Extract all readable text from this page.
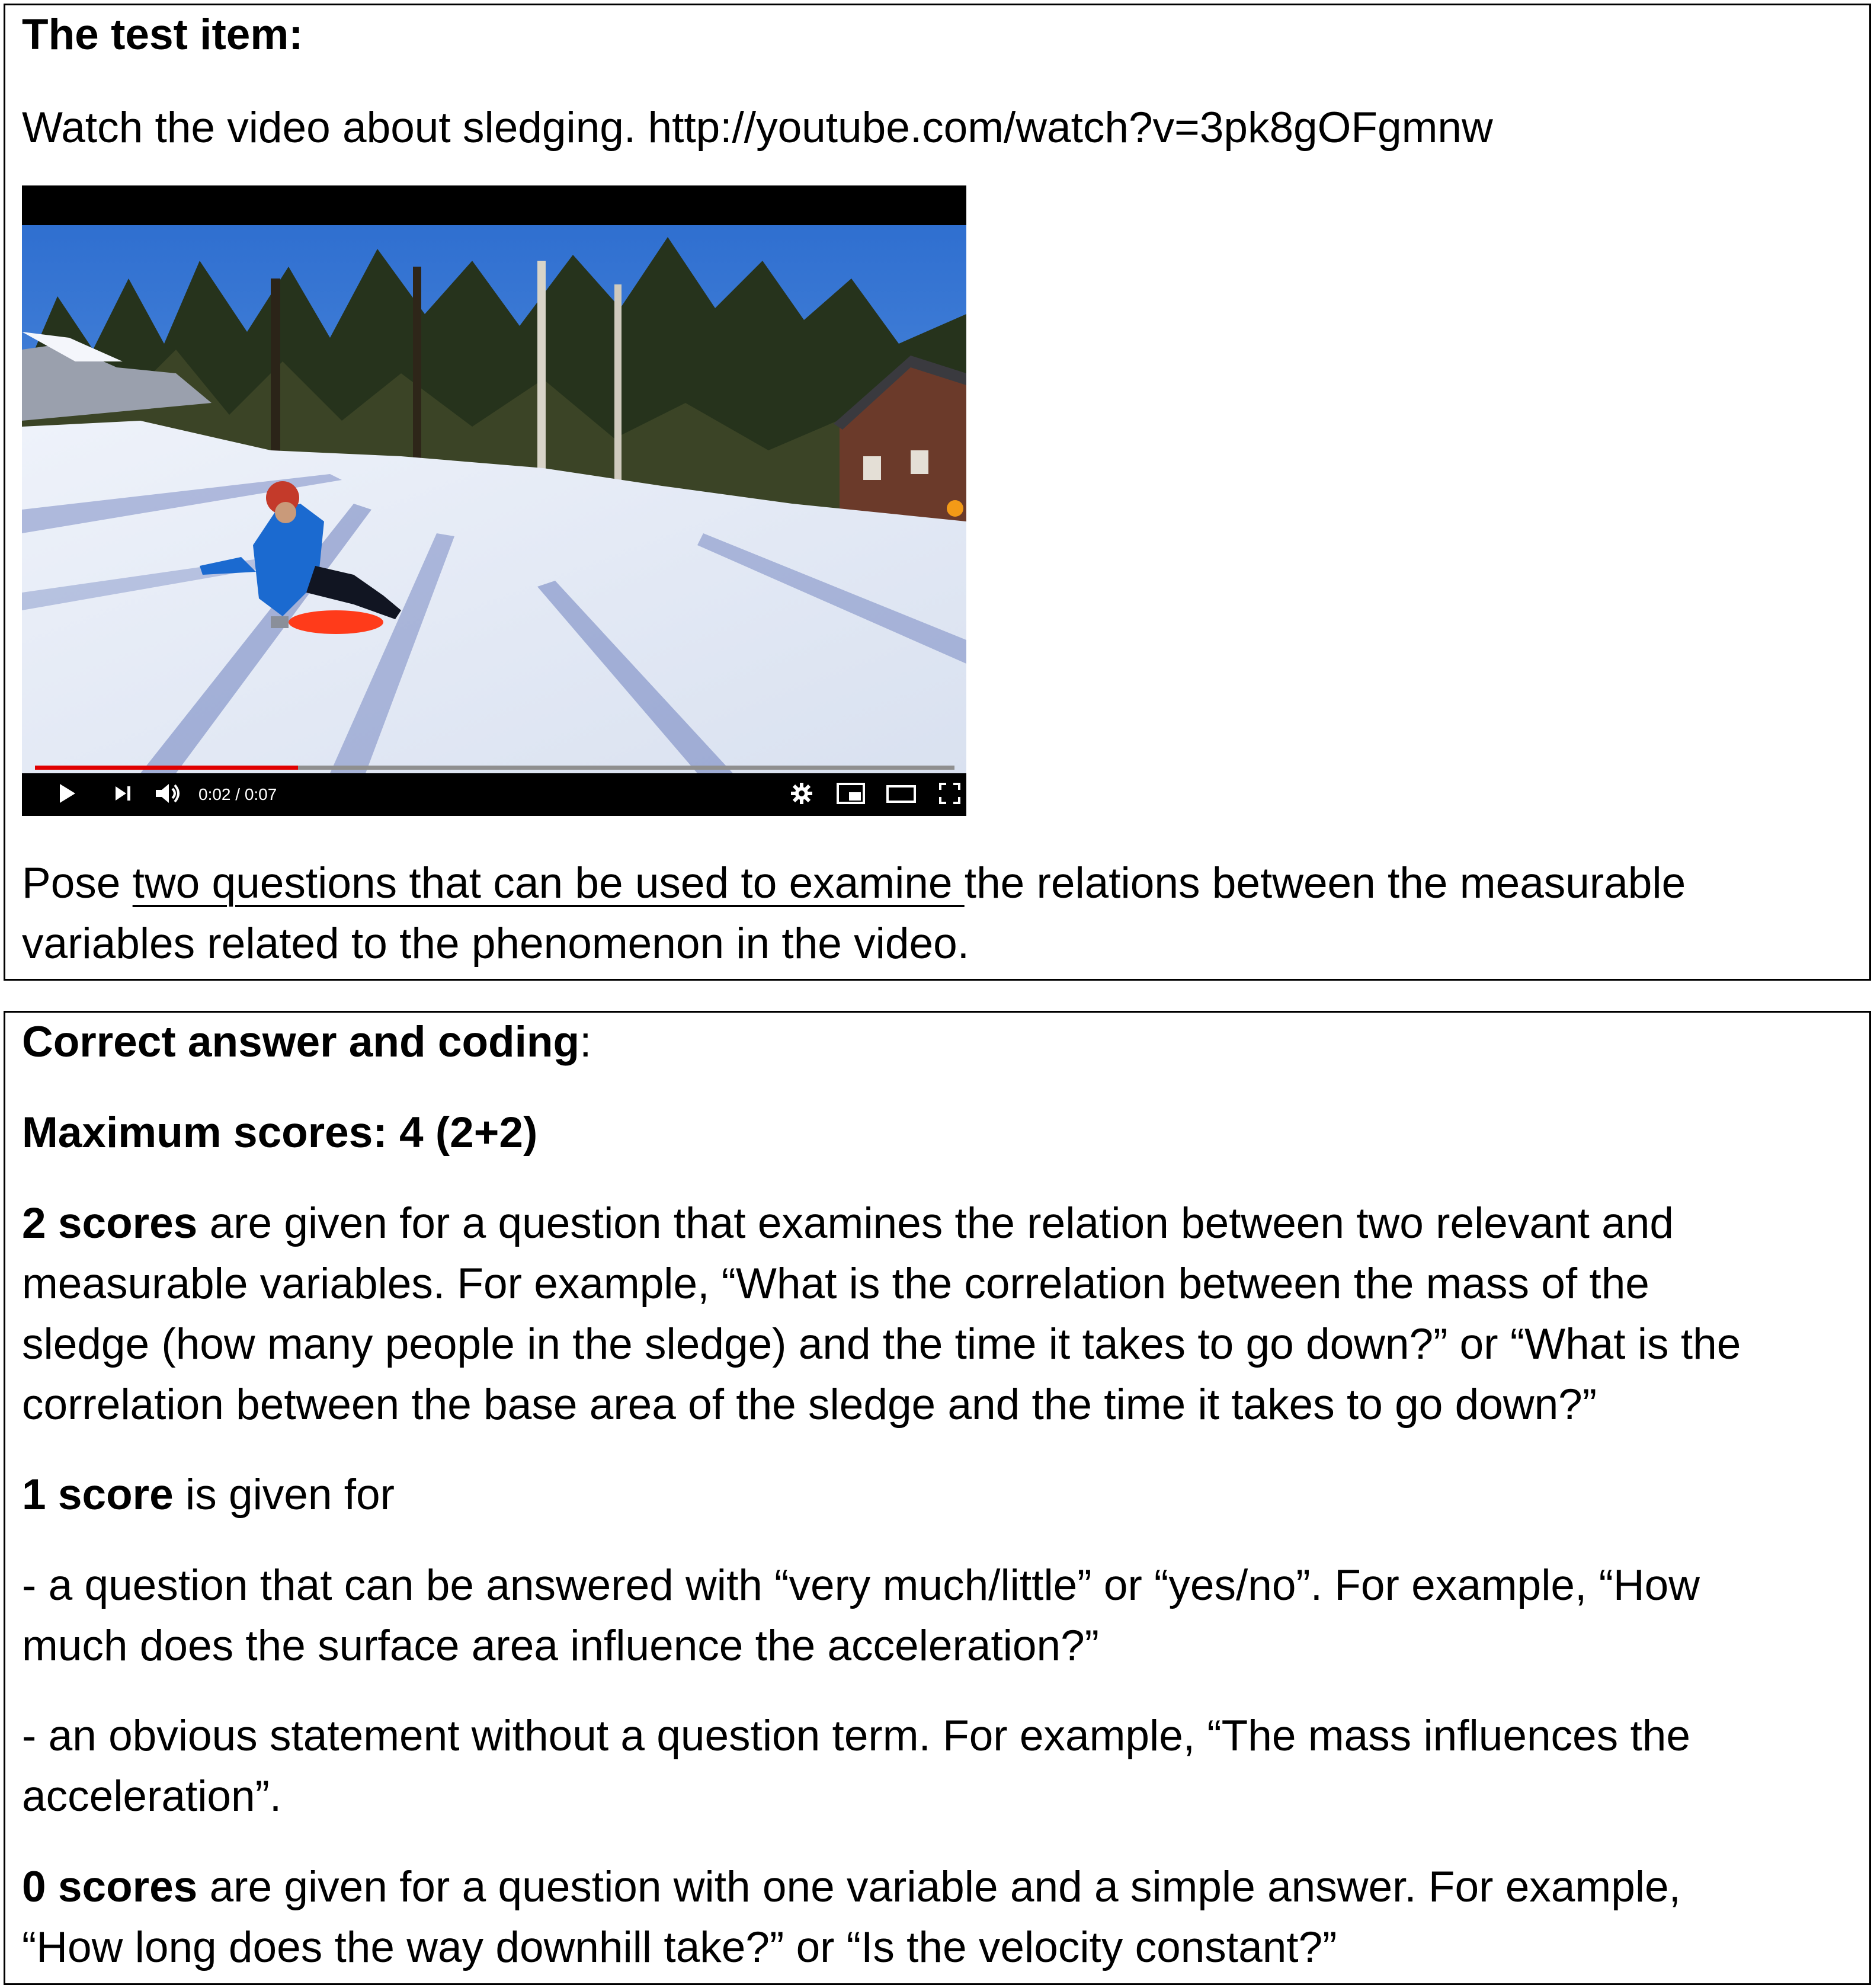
The test item:
Watch the video about sledging. http://youtube.com/watch?v=3pk8gOFgmnw
0:02 / 0:07
Pose two questions that can be used to examine the relations between the measurable
variables related to the phenomenon in the video.
Correct answer and coding:
Maximum scores: 4 (2+2)
2 scores are given for a question that examines the relation between two relevant and
measurable variables. For example, “What is the correlation between the mass of the
sledge (how many people in the sledge) and the time it takes to go down?” or “What is the
correlation between the base area of the sledge and the time it takes to go down?”
1 score is given for
- a question that can be answered with “very much/little” or “yes/no”. For example, “How
much does the surface area influence the acceleration?”
- an obvious statement without a question term. For example, “The mass influences the
acceleration”.
0 scores are given for a question with one variable and a simple answer. For example,
“How long does the way downhill take?” or “Is the velocity constant?”
